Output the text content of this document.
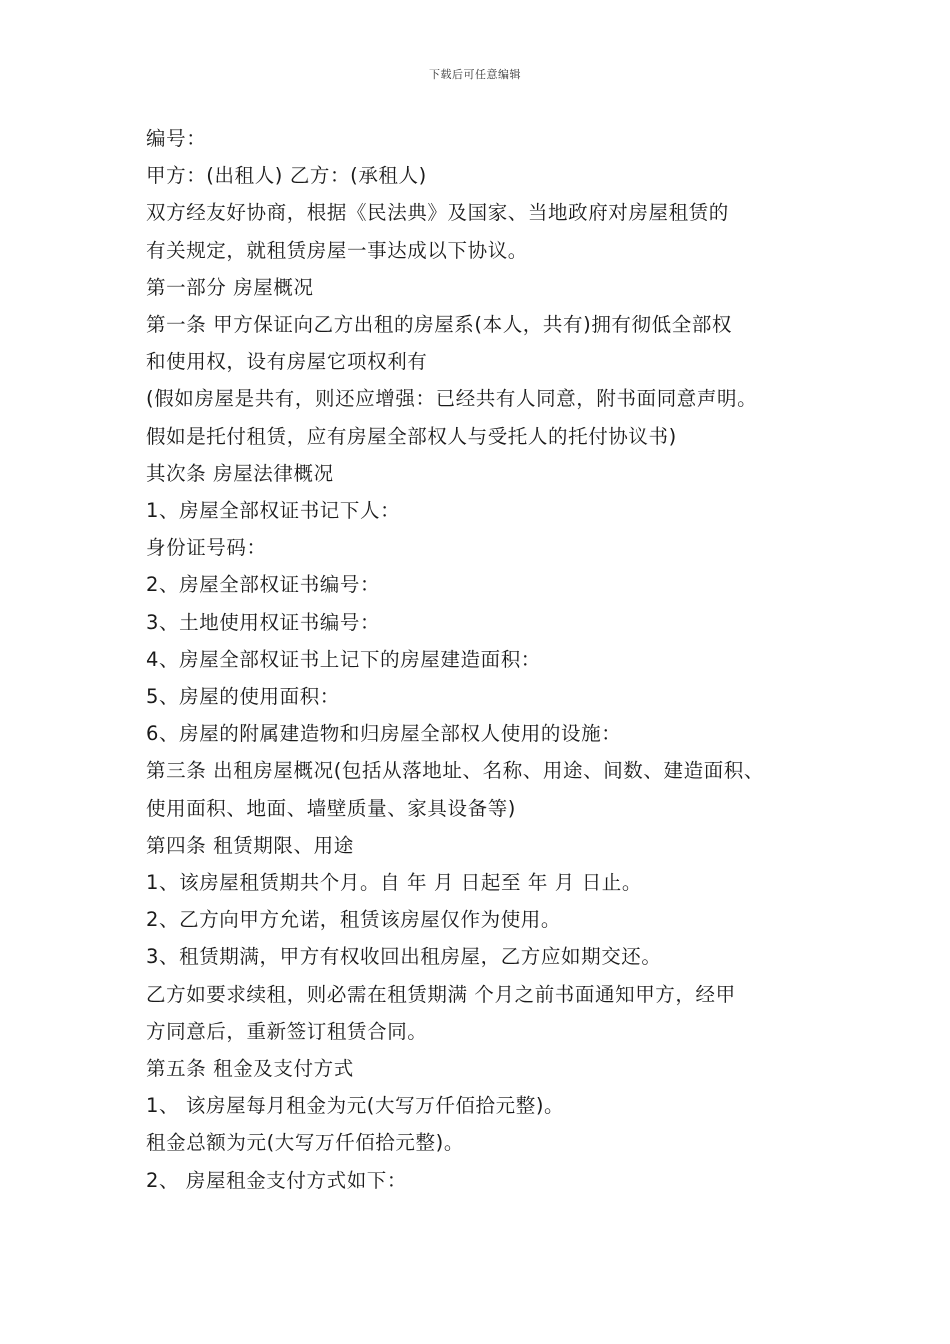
下载后可任意编辑
编号：
甲方：(出租人) 乙方：(承租人)
双方经友好协商，根据《民法典》及国家、当地政府对房屋租赁的
有关规定，就租赁房屋一事达成以下协议。
第一部分 房屋概况
第一条 甲方保证向乙方出租的房屋系(本人，共有)拥有彻低全部权
和使用权，设有房屋它项权利有
(假如房屋是共有，则还应增强：已经共有人同意，附书面同意声明。
假如是托付租赁，应有房屋全部权人与受托人的托付协议书)
其次条 房屋法律概况
1、房屋全部权证书记下人：
身份证号码：
2、房屋全部权证书编号：
3、土地使用权证书编号：
4、房屋全部权证书上记下的房屋建造面积：
5、房屋的使用面积：
6、房屋的附属建造物和归房屋全部权人使用的设施：
第三条 出租房屋概况(包括从落地址、名称、用途、间数、建造面积、
使用面积、地面、墙壁质量、家具设备等)
第四条 租赁期限、用途
1、该房屋租赁期共个月。自 年 月 日起至 年 月 日止。
2、乙方向甲方允诺，租赁该房屋仅作为使用。
3、租赁期满，甲方有权收回出租房屋，乙方应如期交还。
乙方如要求续租，则必需在租赁期满 个月之前书面通知甲方，经甲
方同意后，重新签订租赁合同。
第五条 租金及支付方式
1、 该房屋每月租金为元(大写万仟佰拾元整)。
租金总额为元(大写万仟佰拾元整)。
2、 房屋租金支付方式如下：
